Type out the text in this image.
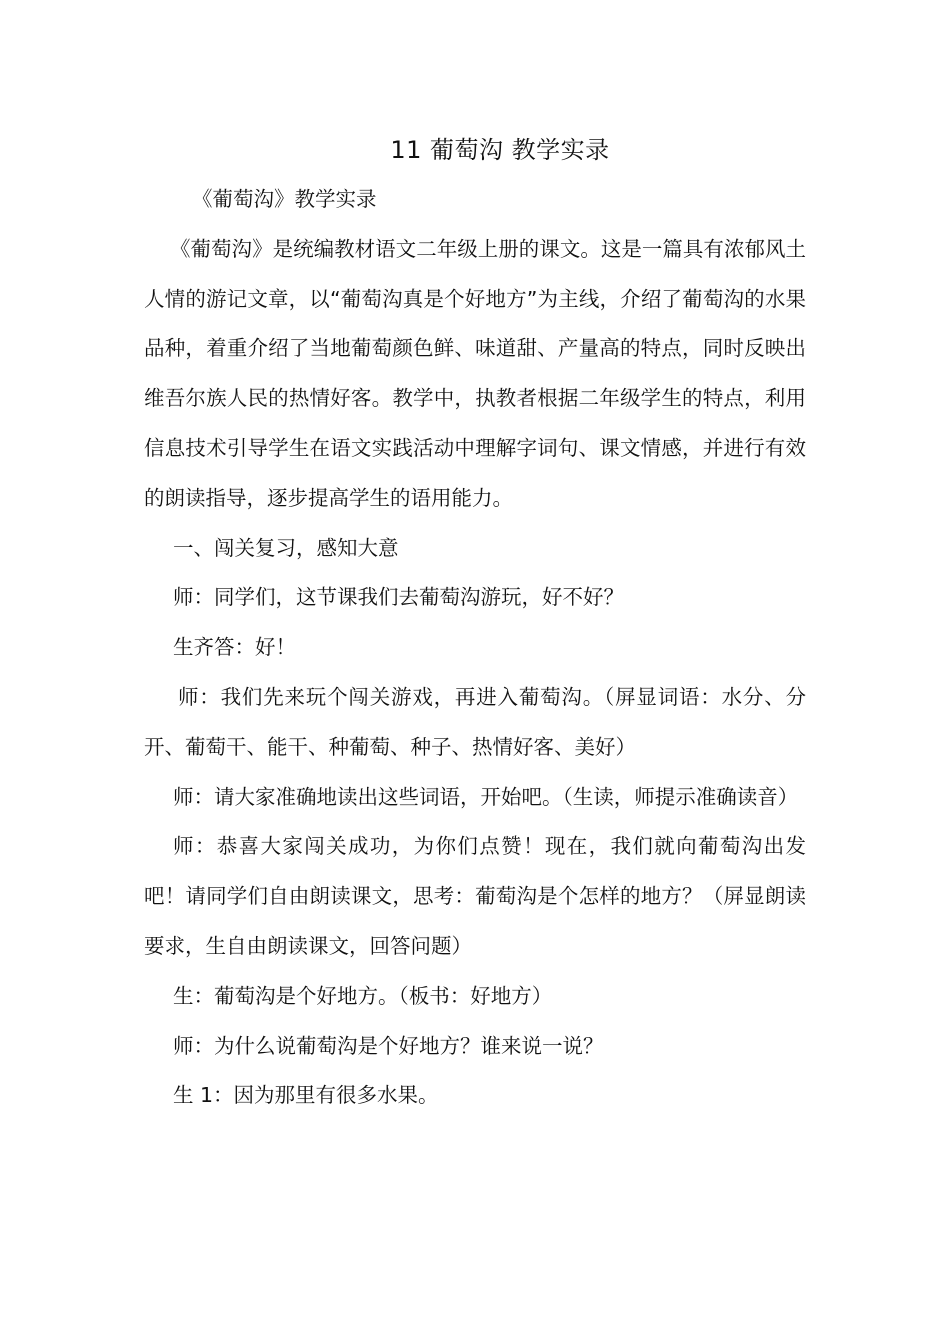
11 葡萄沟 教学实录

《葡萄沟》教学实录

《葡萄沟》是统编教材语文二年级上册的课文。这是一篇具有浓郁风土人情的游记文章，以“葡萄沟真是个好地方”为主线，介绍了葡萄沟的水果品种，着重介绍了当地葡萄颜色鲜、味道甜、产量高的特点，同时反映出维吾尔族人民的热情好客。教学中，执教者根据二年级学生的特点，利用信息技术引导学生在语文实践活动中理解字词句、课文情感，并进行有效的朗读指导，逐步提高学生的语用能力。

一、闯关复习，感知大意

师：同学们，这节课我们去葡萄沟游玩，好不好？

生齐答：好！

师：我们先来玩个闯关游戏，再进入葡萄沟。（屏显词语：水分、分开、葡萄干、能干、种葡萄、种子、热情好客、美好）

师：请大家准确地读出这些词语，开始吧。（生读，师提示准确读音）

师：恭喜大家闯关成功，为你们点赞！现在，我们就向葡萄沟出发吧！请同学们自由朗读课文，思考：葡萄沟是个怎样的地方？（屏显朗读要求，生自由朗读课文，回答问题）

生：葡萄沟是个好地方。（板书：好地方）

师：为什么说葡萄沟是个好地方？谁来说一说？

生 1：因为那里有很多水果。
